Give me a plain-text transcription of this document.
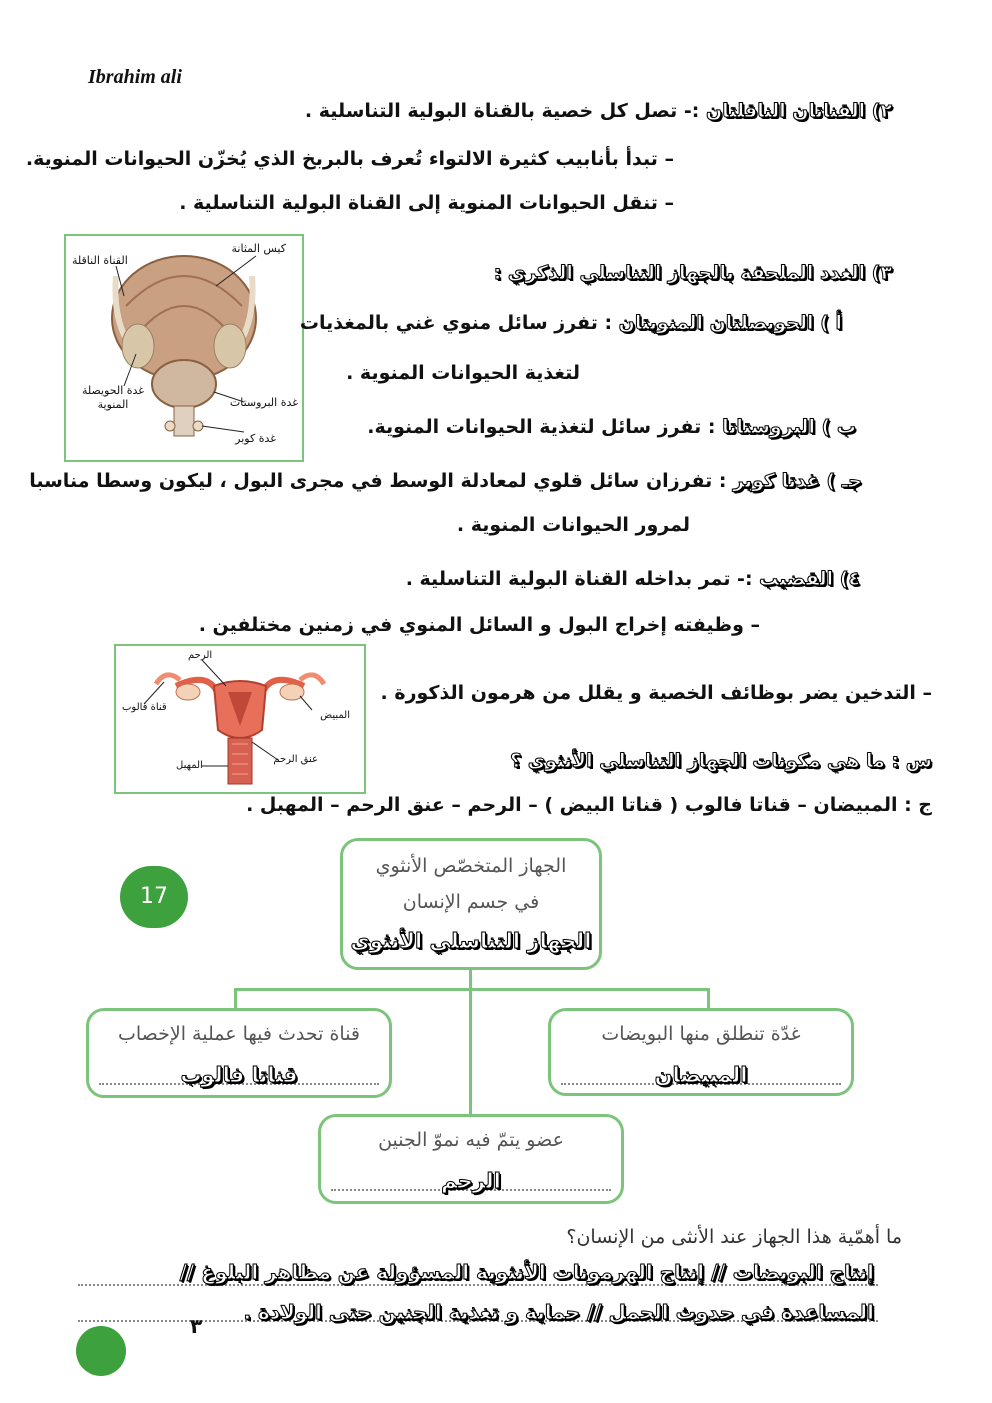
Ibrahim ali
٢) القناتان الناقلتان :- تصل كل خصية بالقناة البولية التناسلية .
– تبدأ بأنابيب كثيرة الالتواء تُعرف بالبربخ الذي يُخزّن الحيوانات المنوية.
– تنقل الحيوانات المنوية إلى القناة البولية التناسلية .
كيس المثانة
القناة الناقلة
غدة الحويصلة المنوية	غدة البروستات
غدة كوبر
٣) الغدد الملحقة بالجهاز التناسلي الذكري :
أ ) الحويصلتان المنويتان : تفرز سائل منوي غني بالمغذيات
لتغذية الحيوانات المنوية .
ب ) البروستاتا : تفرز سائل لتغذية الحيوانات المنوية.
جـ ) غدتا كوبر : تفرزان سائل قلوي لمعادلة الوسط في مجرى البول ، ليكون وسطا مناسبا
لمرور الحيوانات المنوية .
٤) القضيب :- تمر بداخله القناة البولية التناسلية .
– وظيفته إخراج البول و السائل المنوي في زمنين مختلفين .
– التدخين يضر بوظائف الخصية و يقلل من هرمون الذكورة .
الرحم
قناة فالوب
المبيض
المهبل
عنق الرحم	س : ما هي مكونات الجهاز التناسلي الأنثوي ؟
ج : المبيضان – قناتا فالوب ( قناتا البيض ) – الرحم – عنق الرحم – المهبل .
17
الجهاز المتخصّص الأنثوي
في جسم الإنسان
الجهاز التناسلي الأنثوي
غدّة تنطلق منها البويضات
المبيضان
قناة تحدث فيها عملية الإخصاب
قناتا فالوب
عضو يتمّ فيه نموّ الجنين
الرحم
ما أهمّية هذا الجهاز عند الأنثى من الإنسان؟
إنتاج البويضات // إنتاج الهرمونات الأنثوية المسؤولة عن مظاهر البلوغ //
المساعدة في حدوث الحمل // حماية و تغذية الجنين حتى الولادة .
٣
